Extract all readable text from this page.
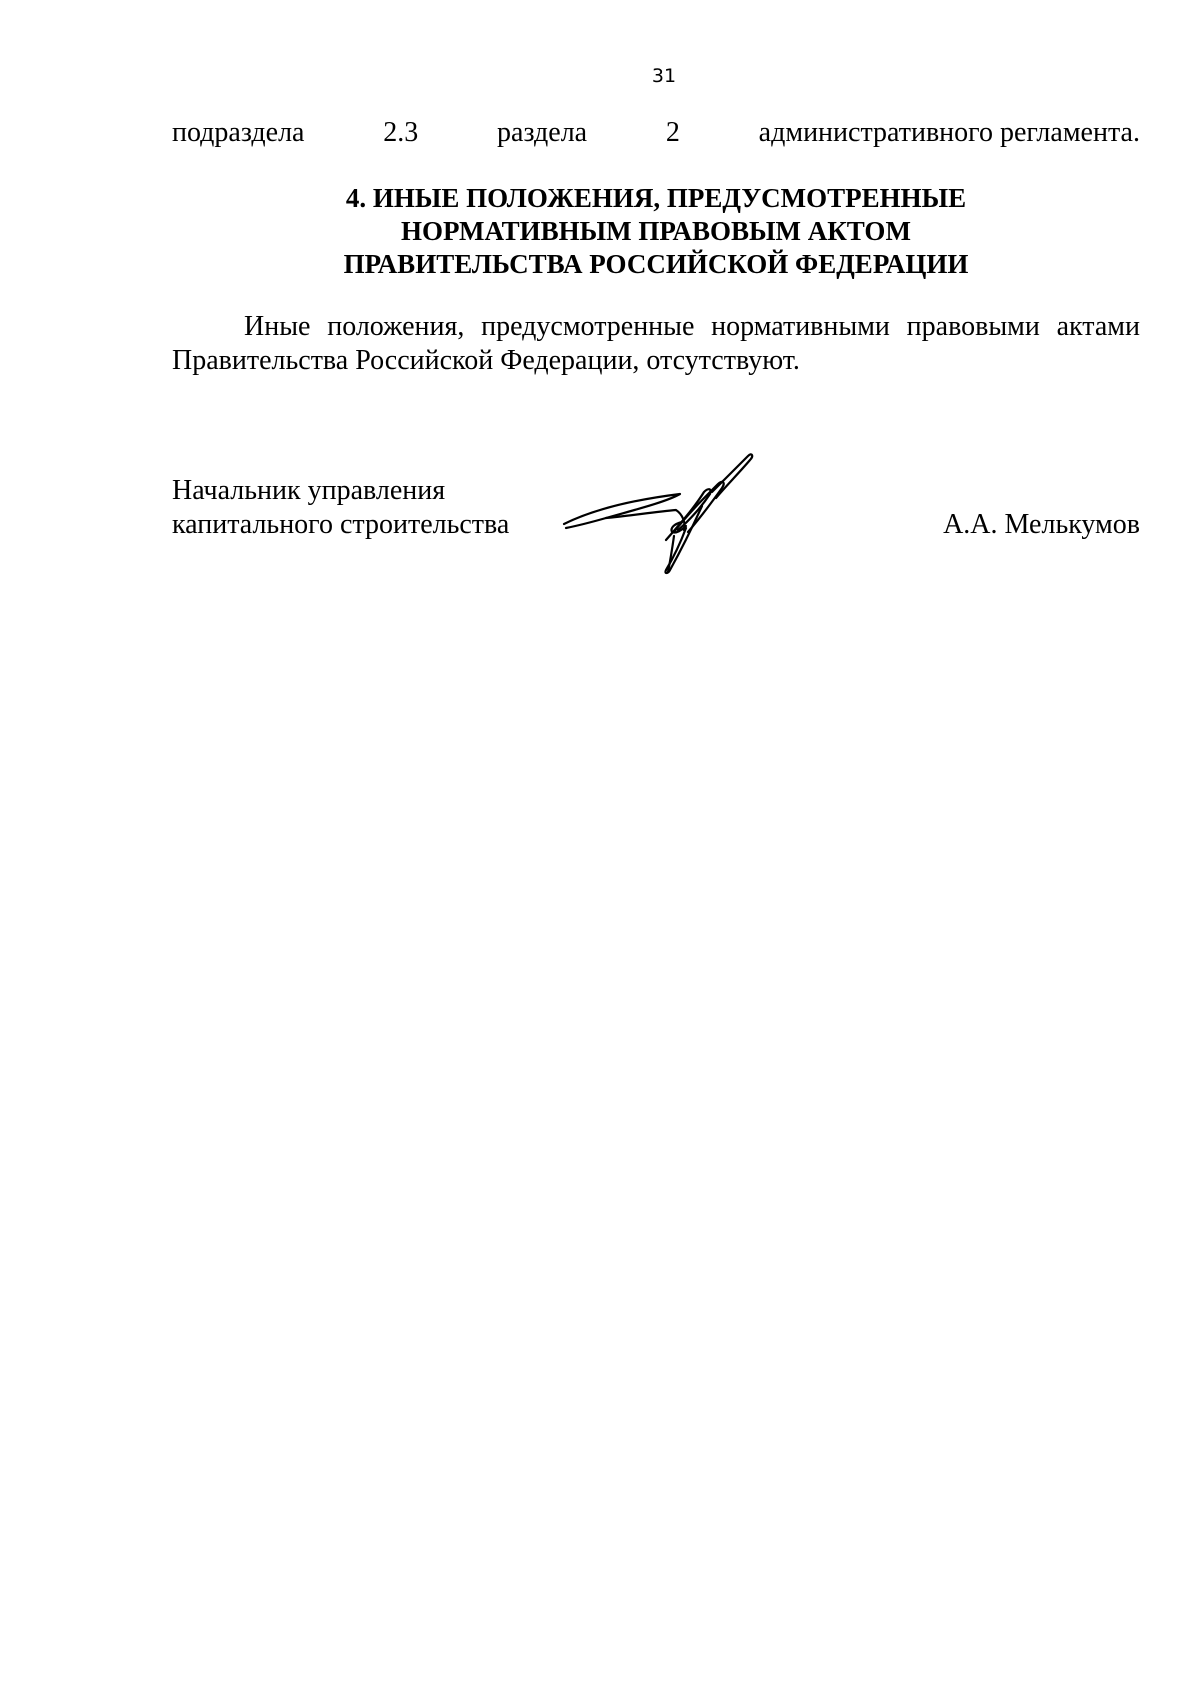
31
подраздела	2.3	раздела	2	административного регламента.
4. ИНЫЕ ПОЛОЖЕНИЯ, ПРЕДУСМОТРЕННЫЕ
НОРМАТИВНЫМ ПРАВОВЫМ АКТОМ
ПРАВИТЕЛЬСТВА РОССИЙСКОЙ ФЕДЕРАЦИИ

Иные положения, предусмотренные нормативными правовыми актами Правительства Российской Федерации, отсутствуют.

Начальник управления
капитального строительства	А.А. Мелькумов
